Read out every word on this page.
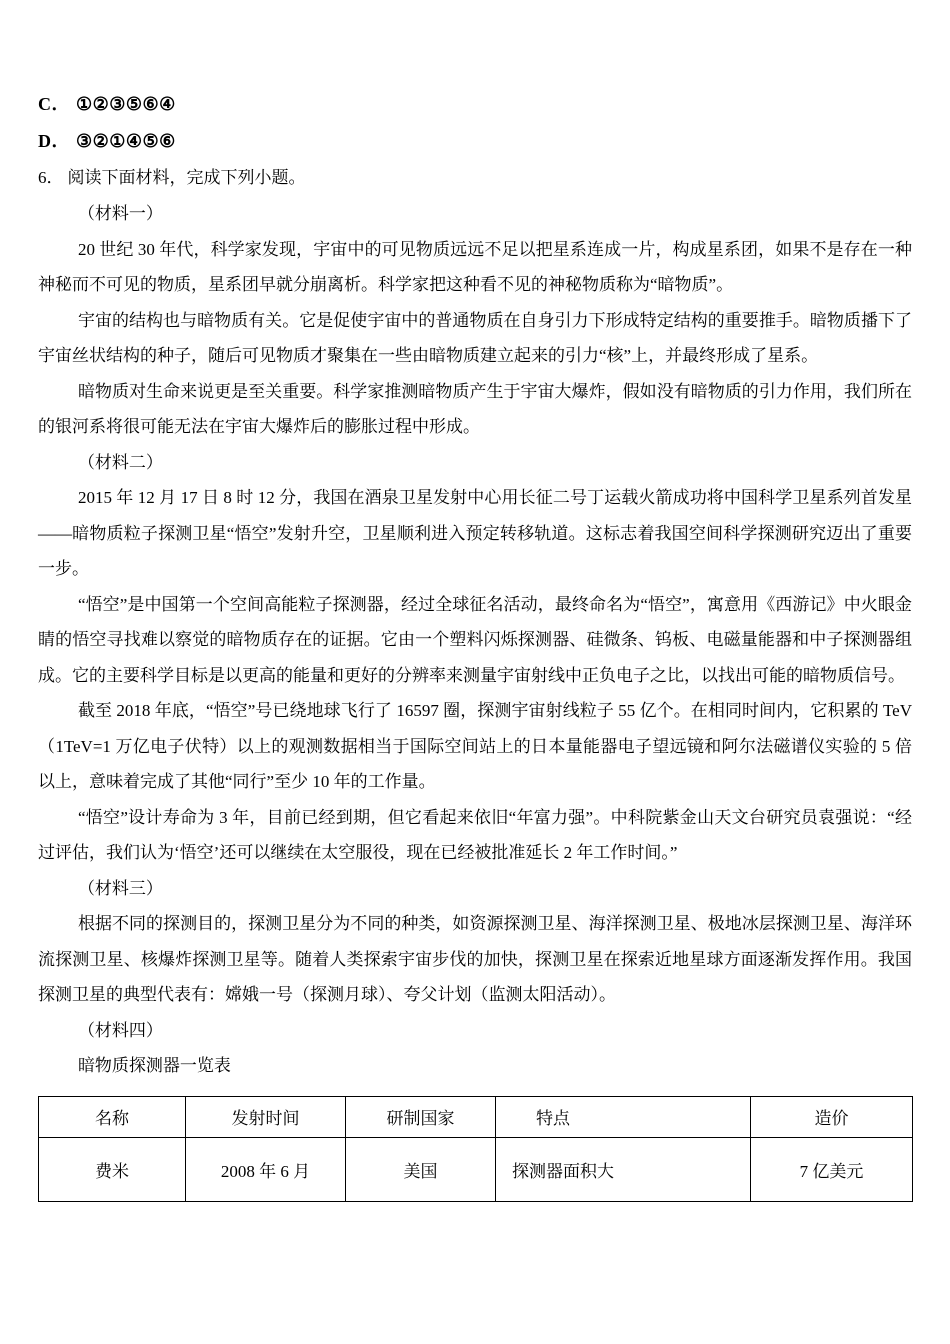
C． ①②③⑤⑥④

D． ③②①④⑤⑥

6． 阅读下面材料，完成下列小题。

（材料一）

20 世纪 30 年代，科学家发现，宇宙中的可见物质远远不足以把星系连成一片，构成星系团，如果不是存在一种神秘而不可见的物质，星系团早就分崩离析。科学家把这种看不见的神秘物质称为“暗物质”。

宇宙的结构也与暗物质有关。它是促使宇宙中的普通物质在自身引力下形成特定结构的重要推手。暗物质播下了宇宙丝状结构的种子，随后可见物质才聚集在一些由暗物质建立起来的引力“核”上，并最终形成了星系。

暗物质对生命来说更是至关重要。科学家推测暗物质产生于宇宙大爆炸，假如没有暗物质的引力作用，我们所在的银河系将很可能无法在宇宙大爆炸后的膨胀过程中形成。

（材料二）

2015 年 12 月 17 日 8 时 12 分，我国在酒泉卫星发射中心用长征二号丁运载火箭成功将中国科学卫星系列首发星——暗物质粒子探测卫星“悟空”发射升空，卫星顺利进入预定转移轨道。这标志着我国空间科学探测研究迈出了重要一步。

“悟空”是中国第一个空间高能粒子探测器，经过全球征名活动，最终命名为“悟空”，寓意用《西游记》中火眼金睛的悟空寻找难以察觉的暗物质存在的证据。它由一个塑料闪烁探测器、硅微条、钨板、电磁量能器和中子探测器组成。它的主要科学目标是以更高的能量和更好的分辨率来测量宇宙射线中正负电子之比，以找出可能的暗物质信号。

截至 2018 年底，“悟空”号已绕地球飞行了 16597 圈，探测宇宙射线粒子 55 亿个。在相同时间内，它积累的 TeV（1TeV=1 万亿电子伏特）以上的观测数据相当于国际空间站上的日本量能器电子望远镜和阿尔法磁谱仪实验的 5 倍以上，意味着完成了其他“同行”至少 10 年的工作量。

“悟空”设计寿命为 3 年，目前已经到期，但它看起来依旧“年富力强”。中科院紫金山天文台研究员袁强说：“经过评估，我们认为‘悟空’还可以继续在太空服役，现在已经被批准延长 2 年工作时间。”

（材料三）

根据不同的探测目的，探测卫星分为不同的种类，如资源探测卫星、海洋探测卫星、极地冰层探测卫星、海洋环流探测卫星、核爆炸探测卫星等。随着人类探索宇宙步伐的加快，探测卫星在探索近地星球方面逐渐发挥作用。我国探测卫星的典型代表有：嫦娥一号（探测月球）、夸父计划（监测太阳活动）。

（材料四）

暗物质探测器一览表

名称	发射时间	研制国家	特点	造价
费米	2008 年 6 月	美国	探测器面积大	7 亿美元
